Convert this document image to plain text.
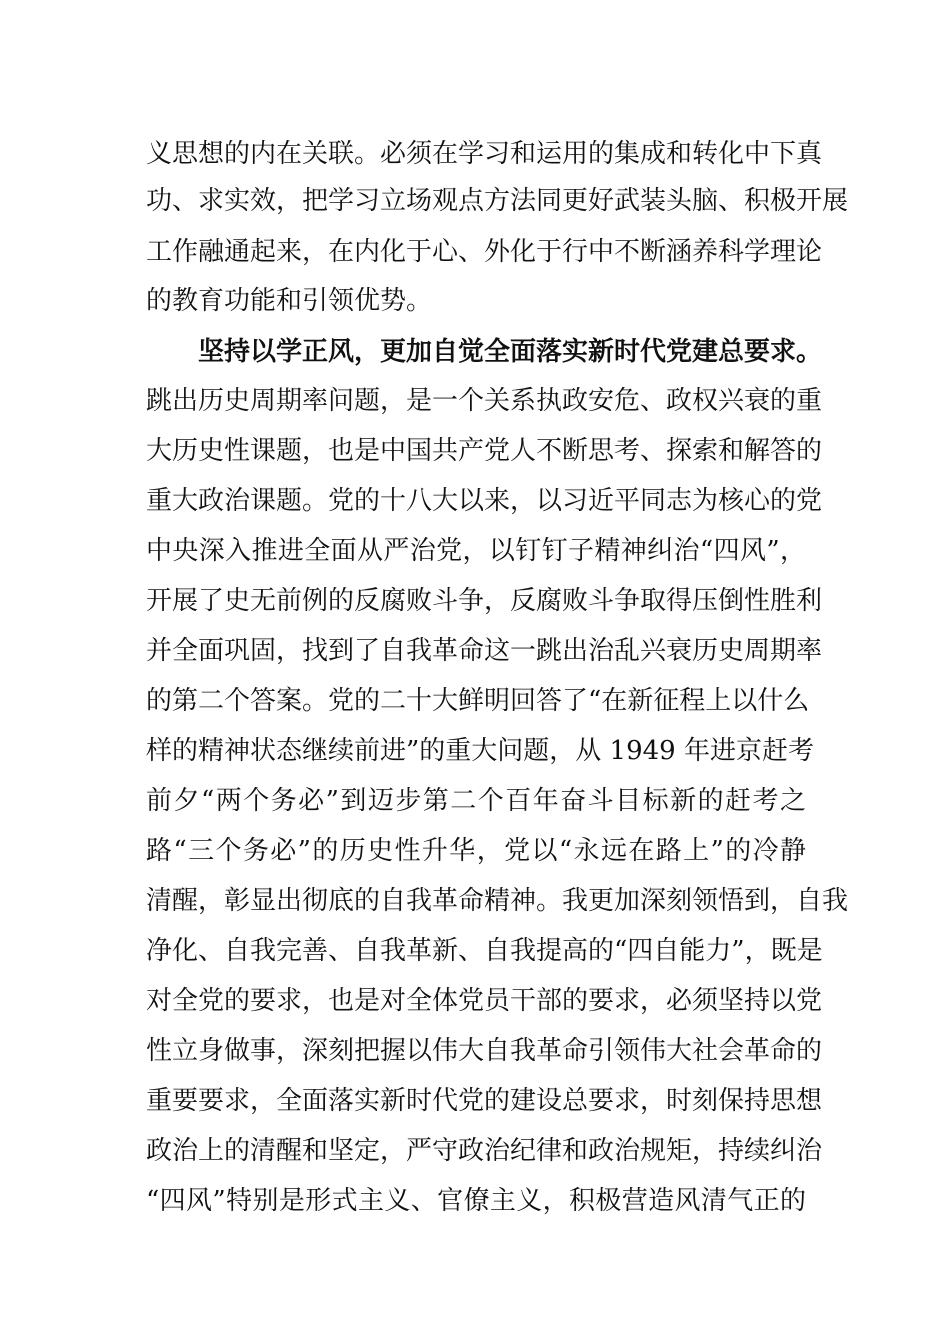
义思想的内在关联。必须在学习和运用的集成和转化中下真
功、求实效，把学习立场观点方法同更好武装头脑、积极开展
工作融通起来，在内化于心、外化于行中不断涵养科学理论
的教育功能和引领优势。
坚持以学正风，更加自觉全面落实新时代党建总要求。
跳出历史周期率问题，是一个关系执政安危、政权兴衰的重
大历史性课题，也是中国共产党人不断思考、探索和解答的
重大政治课题。党的十八大以来，以习近平同志为核心的党
中央深入推进全面从严治党，以钉钉子精神纠治“四风”，
开展了史无前例的反腐败斗争，反腐败斗争取得压倒性胜利
并全面巩固，找到了自我革命这一跳出治乱兴衰历史周期率
的第二个答案。党的二十大鲜明回答了“在新征程上以什么
样的精神状态继续前进”的重大问题，从 1949 年进京赶考
前夕“两个务必”到迈步第二个百年奋斗目标新的赶考之
路“三个务必”的历史性升华，党以“永远在路上”的冷静
清醒，彰显出彻底的自我革命精神。我更加深刻领悟到，自我
净化、自我完善、自我革新、自我提高的“四自能力”，既是
对全党的要求，也是对全体党员干部的要求，必须坚持以党
性立身做事，深刻把握以伟大自我革命引领伟大社会革命的
重要要求，全面落实新时代党的建设总要求，时刻保持思想
政治上的清醒和坚定，严守政治纪律和政治规矩，持续纠治
“四风”特别是形式主义、官僚主义，积极营造风清气正的
